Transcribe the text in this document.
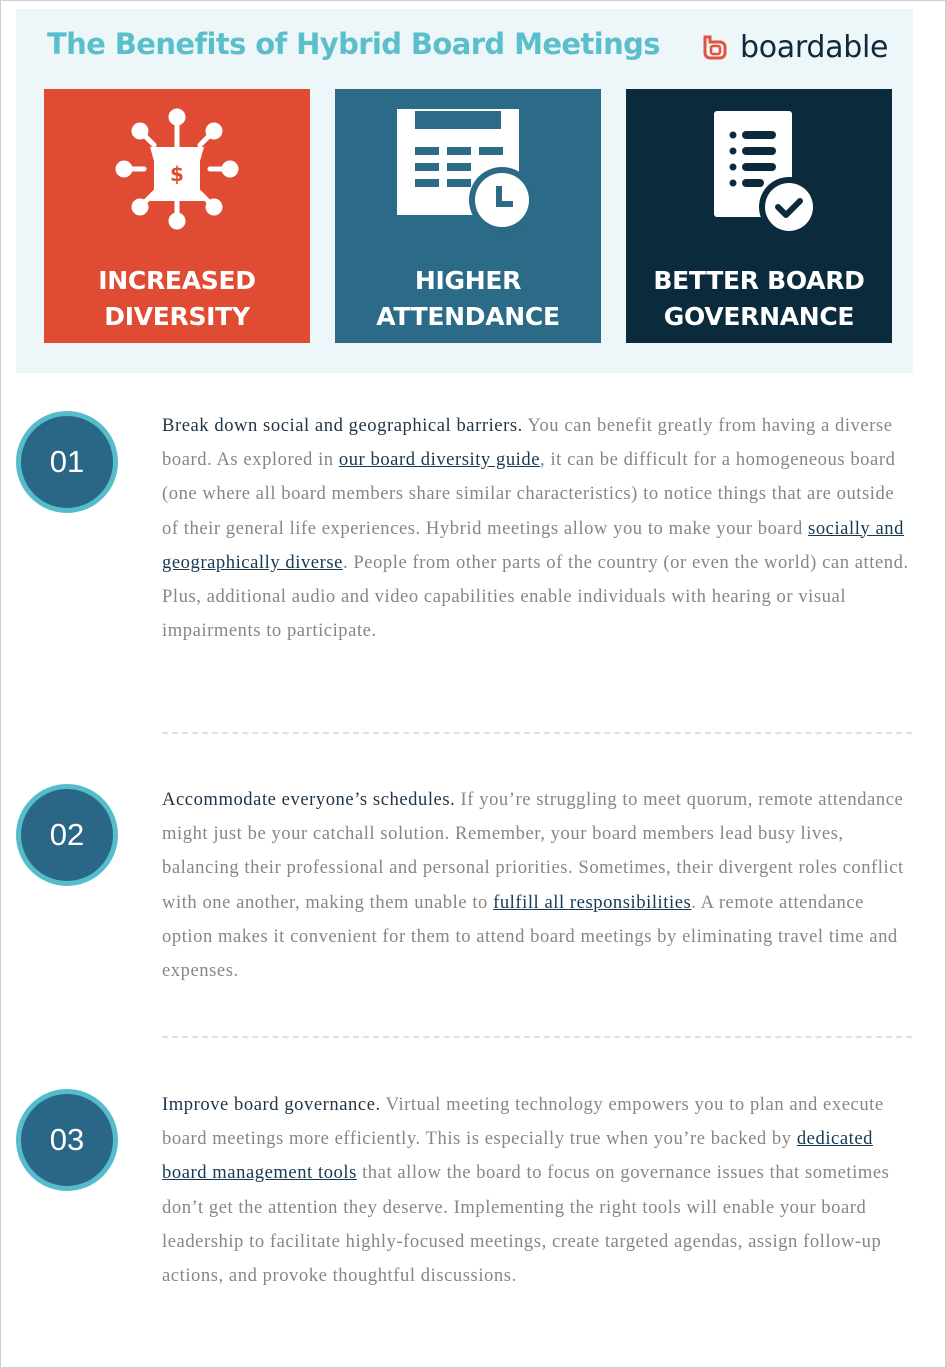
The Benefits of Hybrid Board Meetings	boardable
$
INCREASED
DIVERSITY
HIGHER
ATTENDANCE
BETTER BOARD
GOVERNANCE
01
Break down social and geographical barriers. You can benefit greatly from having a diverse board. As explored in our board diversity guide, it can be difficult for a homogeneous board (one where all board members share similar characteristics) to notice things that are outside of their general life experiences. Hybrid meetings allow you to make your board socially and geographically diverse. People from other parts of the country (or even the world) can attend. Plus, additional audio and video capabilities enable individuals with hearing or visual impairments to participate.
02
Accommodate everyone’s schedules. If you’re struggling to meet quorum, remote attendance might just be your catchall solution. Remember, your board members lead busy lives, balancing their professional and personal priorities. Sometimes, their divergent roles conflict with one another, making them unable to fulfill all responsibilities. A remote attendance option makes it convenient for them to attend board meetings by eliminating travel time and expenses.
03
Improve board governance. Virtual meeting technology empowers you to plan and execute board meetings more efficiently. This is especially true when you’re backed by dedicated board management tools that allow the board to focus on governance issues that sometimes don’t get the attention they deserve. Implementing the right tools will enable your board leadership to facilitate highly-focused meetings, create targeted agendas, assign follow-up actions, and provoke thoughtful discussions.
